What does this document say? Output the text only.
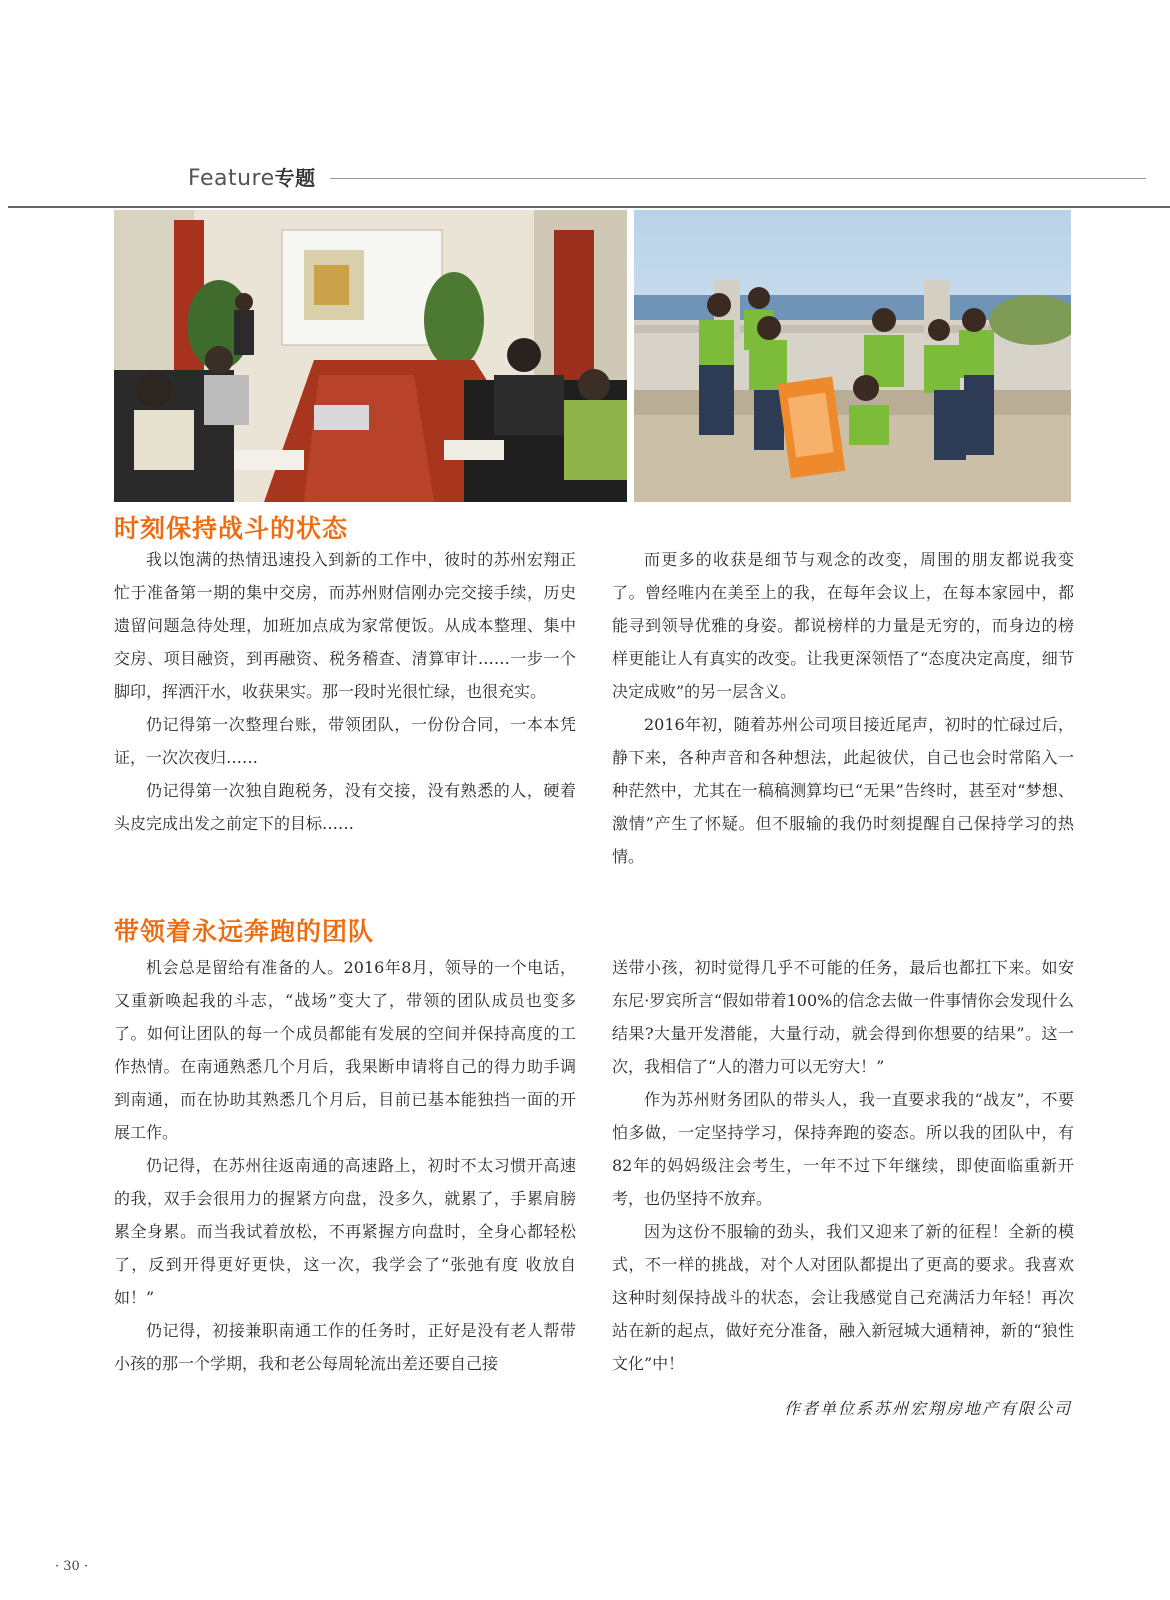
Feature专题
时刻保持战斗的状态

我以饱满的热情迅速投入到新的工作中，彼时的苏州宏翔正忙于准备第一期的集中交房，而苏州财信刚办完交接手续，历史遗留问题急待处理，加班加点成为家常便饭。从成本整理、集中交房、项目融资，到再融资、税务稽查、清算审计……一步一个脚印，挥洒汗水，收获果实。那一段时光很忙绿，也很充实。

仍记得第一次整理台账，带领团队，一份份合同，一本本凭证，一次次夜归……

仍记得第一次独自跑税务，没有交接，没有熟悉的人，硬着头皮完成出发之前定下的目标……

而更多的收获是细节与观念的改变，周围的朋友都说我变了。曾经唯内在美至上的我，在每年会议上，在每本家园中，都能寻到领导优雅的身姿。都说榜样的力量是无穷的，而身边的榜样更能让人有真实的改变。让我更深领悟了“态度决定高度，细节决定成败”的另一层含义。

2016年初，随着苏州公司项目接近尾声，初时的忙碌过后，静下来，各种声音和各种想法，此起彼伏，自己也会时常陷入一种茫然中，尤其在一稿稿测算均已“无果”告终时，甚至对“梦想、激情”产生了怀疑。但不服输的我仍时刻提醒自己保持学习的热情。

带领着永远奔跑的团队

机会总是留给有准备的人。2016年8月，领导的一个电话，又重新唤起我的斗志，“战场”变大了，带领的团队成员也变多了。如何让团队的每一个成员都能有发展的空间并保持高度的工作热情。在南通熟悉几个月后，我果断申请将自己的得力助手调到南通，而在协助其熟悉几个月后，目前已基本能独挡一面的开展工作。

仍记得，在苏州往返南通的高速路上，初时不太习惯开高速的我，双手会很用力的握紧方向盘，没多久，就累了，手累肩膀累全身累。而当我试着放松，不再紧握方向盘时，全身心都轻松了，反到开得更好更快，这一次，我学会了“张弛有度 收放自如！”

仍记得，初接兼职南通工作的任务时，正好是没有老人帮带小孩的那一个学期，我和老公每周轮流出差还要自己接

送带小孩，初时觉得几乎不可能的任务，最后也都扛下来。如安东尼·罗宾所言“假如带着100%的信念去做一件事情你会发现什么结果?大量开发潜能，大量行动，就会得到你想要的结果”。这一次，我相信了“人的潜力可以无穷大！”

作为苏州财务团队的带头人，我一直要求我的“战友”，不要怕多做，一定坚持学习，保持奔跑的姿态。所以我的团队中，有82年的妈妈级注会考生，一年不过下年继续，即使面临重新开考，也仍坚持不放弃。

因为这份不服输的劲头，我们又迎来了新的征程！全新的模式，不一样的挑战，对个人对团队都提出了更高的要求。我喜欢这种时刻保持战斗的状态，会让我感觉自己充满活力年轻！再次站在新的起点，做好充分准备，融入新冠城大通精神，新的“狼性文化”中！

作者单位系苏州宏翔房地产有限公司
· 30 ·
